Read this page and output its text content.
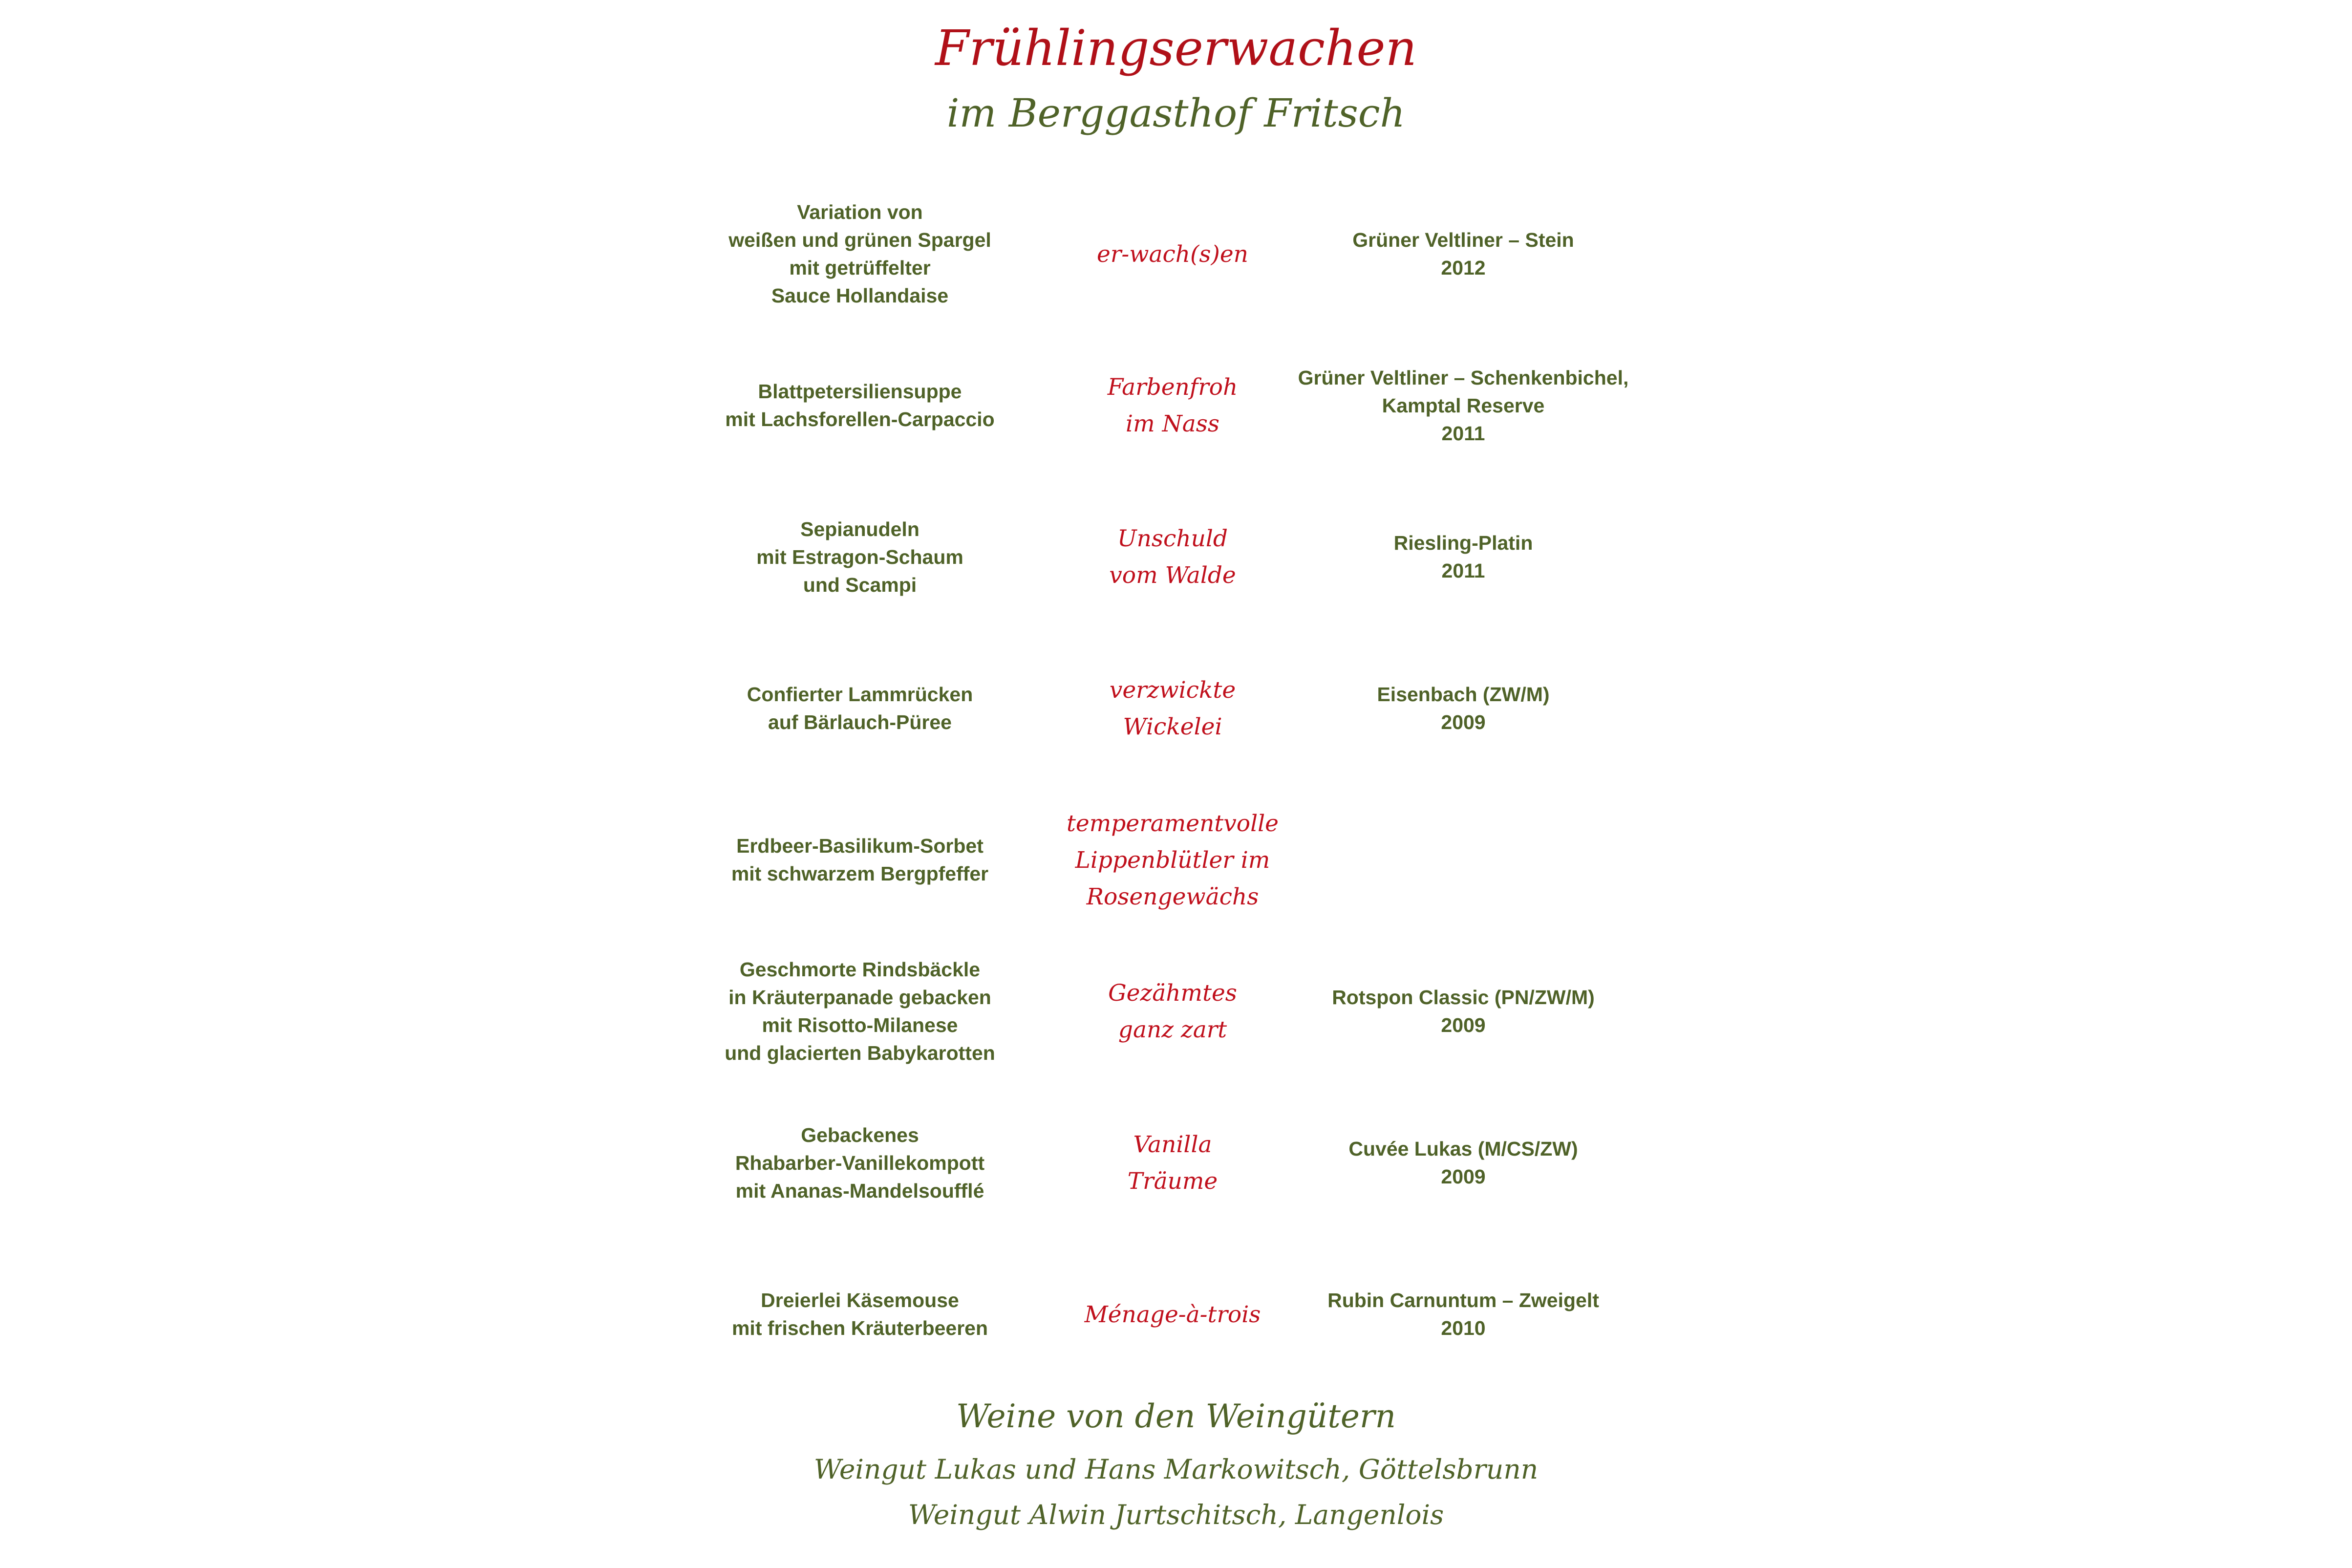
Frühlingserwachen
im Berggasthof Fritsch
Variation von
weißen und grünen Spargel
mit getrüffelter
Sauce Hollandaise
er-wach(s)en
Grüner Veltliner – Stein
2012
Blattpetersiliensuppe
mit Lachsforellen-Carpaccio
Farbenfroh
im Nass
Grüner Veltliner – Schenkenbichel,
Kamptal Reserve
2011
Sepianudeln
mit Estragon-Schaum
und Scampi
Unschuld
vom Walde
Riesling-Platin
2011
Confierter Lammrücken
auf Bärlauch-Püree
verzwickte
Wickelei
Eisenbach (ZW/M)
2009
Erdbeer-Basilikum-Sorbet
mit schwarzem Bergpfeffer
temperamentvolle
Lippenblütler im
Rosengewächs
Geschmorte Rindsbäckle
in Kräuterpanade gebacken
mit Risotto-Milanese
und glacierten Babykarotten
Gezähmtes
ganz zart
Rotspon Classic (PN/ZW/M)
2009
Gebackenes
Rhabarber-Vanillekompott
mit Ananas-Mandelsoufflé
Vanilla
Träume
Cuvée Lukas (M/CS/ZW)
2009
Dreierlei Käsemouse
mit frischen Kräuterbeeren
Ménage-à-trois
Rubin Carnuntum – Zweigelt
2010
Weine von den Weingütern
Weingut Lukas und Hans Markowitsch, Göttelsbrunn
Weingut Alwin Jurtschitsch, Langenlois
